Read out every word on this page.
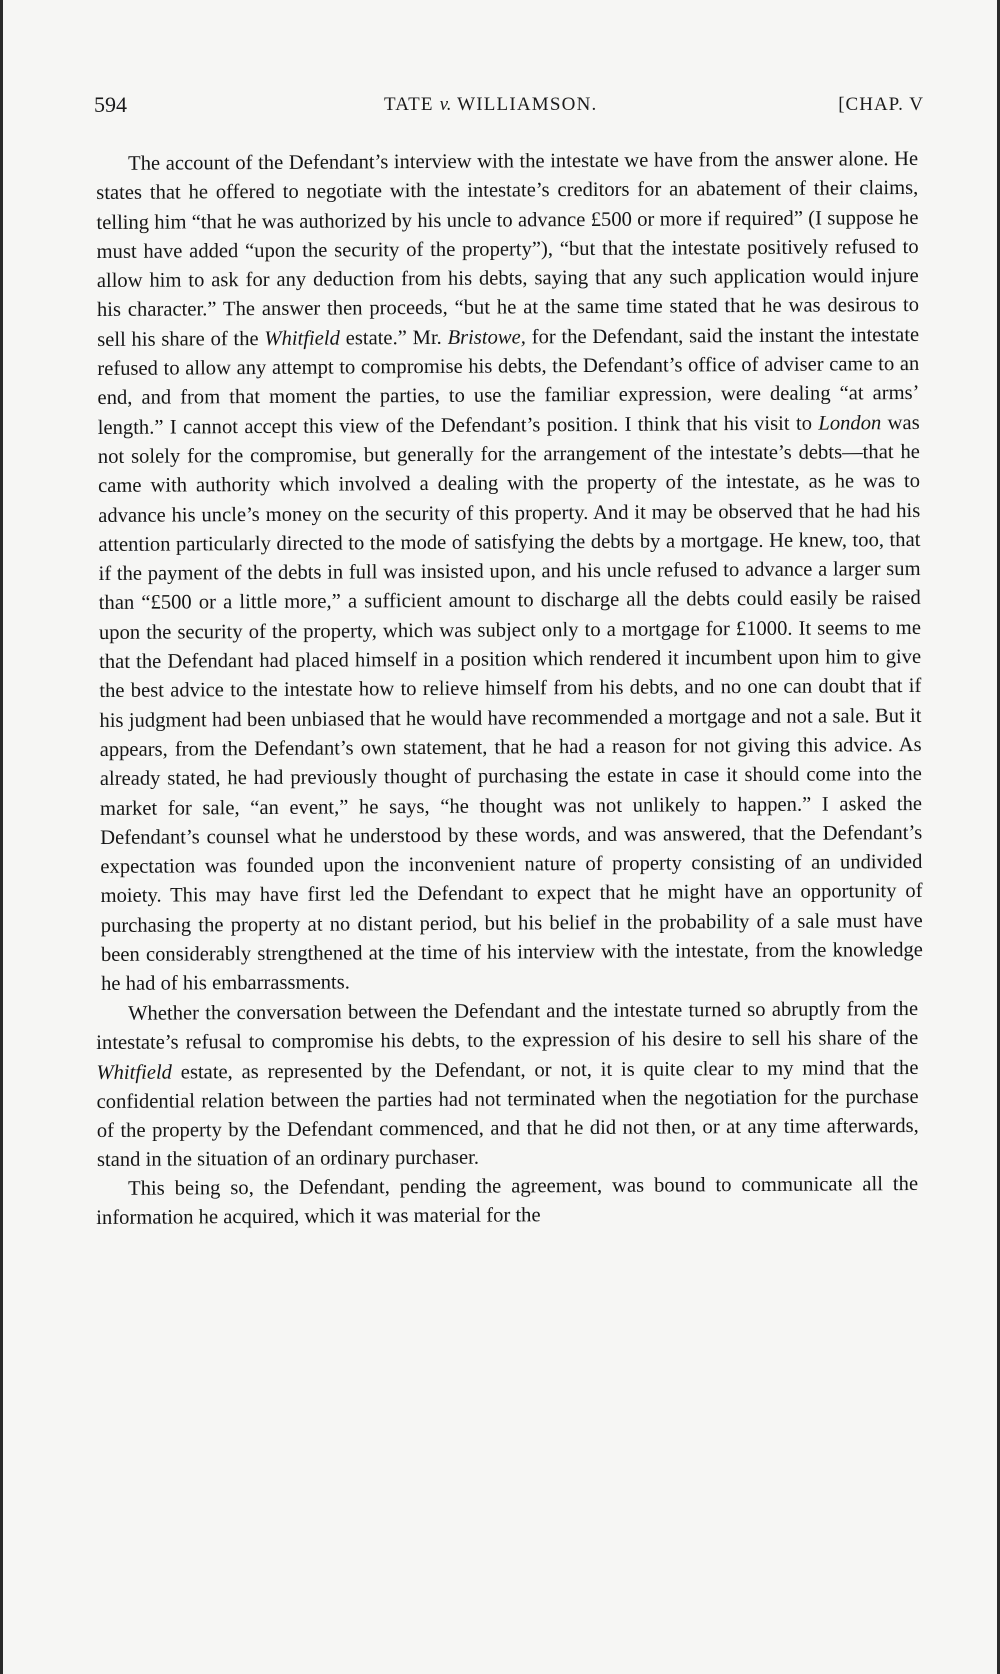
594	TATE v. WILLIAMSON.	[CHAP. V

The account of the Defendant’s interview with the intestate we have from the answer alone. He states that he offered to negotiate with the intestate’s creditors for an abatement of their claims, telling him “that he was authorized by his uncle to advance £500 or more if required” (I suppose he must have added “upon the security of the property”), “but that the intestate positively refused to allow him to ask for any deduction from his debts, saying that any such application would injure his character.” The answer then proceeds, “but he at the same time stated that he was desirous to sell his share of the Whitfield estate.” Mr. Bristowe, for the Defendant, said the instant the intestate refused to allow any attempt to compromise his debts, the Defendant’s office of adviser came to an end, and from that moment the parties, to use the familiar expression, were dealing “at arms’ length.” I cannot accept this view of the Defendant’s position. I think that his visit to London was not solely for the compromise, but generally for the arrangement of the intestate’s debts—that he came with authority which involved a dealing with the property of the intestate, as he was to advance his uncle’s money on the security of this property. And it may be observed that he had his attention particularly directed to the mode of satisfying the debts by a mortgage. He knew, too, that if the payment of the debts in full was insisted upon, and his uncle refused to advance a larger sum than “£500 or a little more,” a sufficient amount to discharge all the debts could easily be raised upon the security of the property, which was subject only to a mortgage for £1000. It seems to me that the Defendant had placed himself in a position which rendered it incumbent upon him to give the best advice to the intestate how to relieve himself from his debts, and no one can doubt that if his judgment had been unbiased that he would have recommended a mortgage and not a sale. But it appears, from the Defendant’s own statement, that he had a reason for not giving this advice. As already stated, he had previously thought of purchasing the estate in case it should come into the market for sale, “an event,” he says, “he thought was not unlikely to happen.” I asked the Defendant’s counsel what he understood by these words, and was answered, that the Defendant’s expectation was founded upon the inconvenient nature of property consisting of an undivided moiety. This may have first led the Defendant to expect that he might have an opportunity of purchasing the property at no distant period, but his belief in the probability of a sale must have been considerably strengthened at the time of his interview with the intestate, from the knowledge he had of his embarrassments.

Whether the conversation between the Defendant and the intestate turned so abruptly from the intestate’s refusal to compromise his debts, to the expression of his desire to sell his share of the Whitfield estate, as represented by the Defendant, or not, it is quite clear to my mind that the confidential relation between the parties had not terminated when the negotiation for the purchase of the property by the Defendant commenced, and that he did not then, or at any time afterwards, stand in the situation of an ordinary purchaser.

This being so, the Defendant, pending the agreement, was bound to communicate all the information he acquired, which it was material for the
